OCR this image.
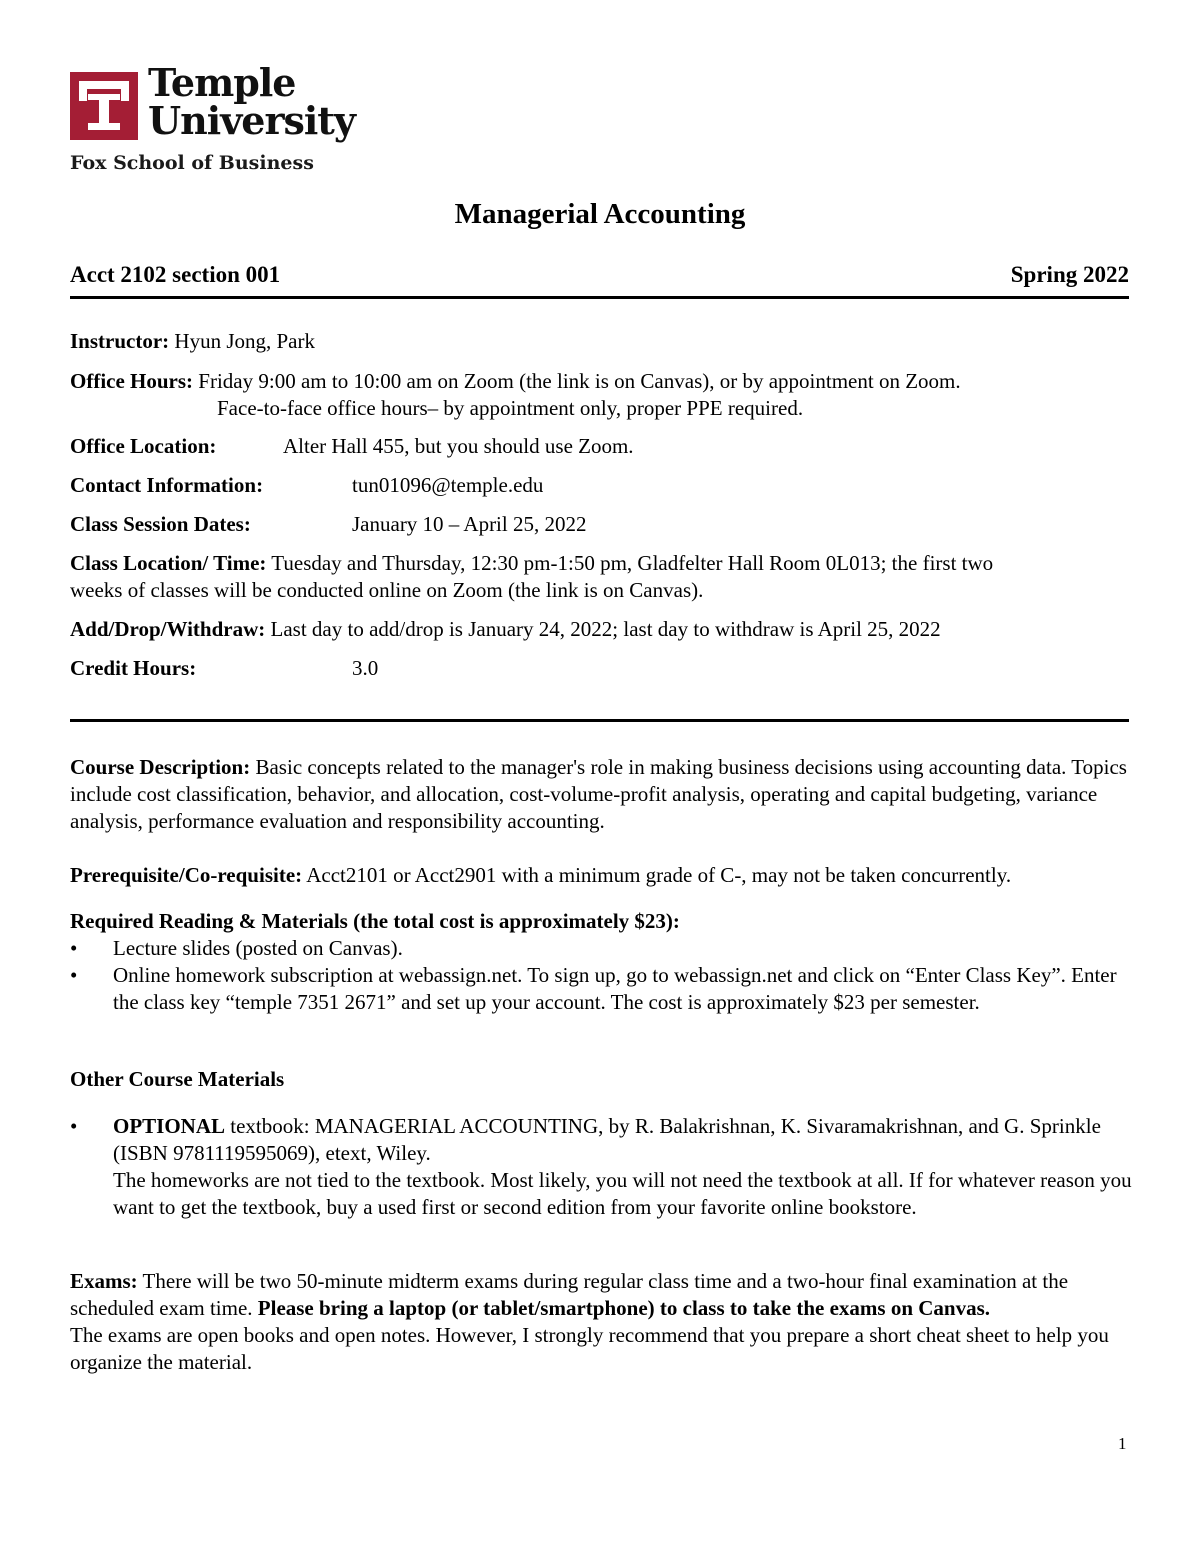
Temple
University
Fox School of Business
Managerial Accounting
Acct 2102 section 001	Spring 2022
Instructor: Hyun Jong, Park
Office Hours: Friday 9:00 am to 10:00 am on Zoom (the link is on Canvas), or by appointment on Zoom.
Face-to-face office hours– by appointment only, proper PPE required.
Office Location:	Alter Hall 455, but you should use Zoom.
Contact Information:	tun01096@temple.edu
Class Session Dates:	January 10 – April 25, 2022
Class Location/ Time: Tuesday and Thursday, 12:30 pm-1:50 pm, Gladfelter Hall Room 0L013; the first two
weeks of classes will be conducted online on Zoom (the link is on Canvas).
Add/Drop/Withdraw: Last day to add/drop is January 24, 2022; last day to withdraw is April 25, 2022
Credit Hours:	3.0
Course Description: Basic concepts related to the manager's role in making business decisions using accounting data. Topics include cost classification, behavior, and allocation, cost-volume-profit analysis, operating and capital budgeting, variance analysis, performance evaluation and responsibility accounting.
Prerequisite/Co-requisite: Acct2101 or Acct2901 with a minimum grade of C-, may not be taken concurrently.
Required Reading & Materials (the total cost is approximately $23):
• Lecture slides (posted on Canvas).
• Online homework subscription at webassign.net. To sign up, go to webassign.net and click on “Enter Class Key”. Enter the class key “temple 7351 2671” and set up your account. The cost is approximately $23 per semester.
Other Course Materials
• OPTIONAL textbook: MANAGERIAL ACCOUNTING, by R. Balakrishnan, K. Sivaramakrishnan, and G. Sprinkle (ISBN 9781119595069), etext, Wiley.
The homeworks are not tied to the textbook. Most likely, you will not need the textbook at all. If for whatever reason you want to get the textbook, buy a used first or second edition from your favorite online bookstore.
Exams: There will be two 50-minute midterm exams during regular class time and a two-hour final examination at the scheduled exam time. Please bring a laptop (or tablet/smartphone) to class to take the exams on Canvas.
The exams are open books and open notes. However, I strongly recommend that you prepare a short cheat sheet to help you organize the material.
1
